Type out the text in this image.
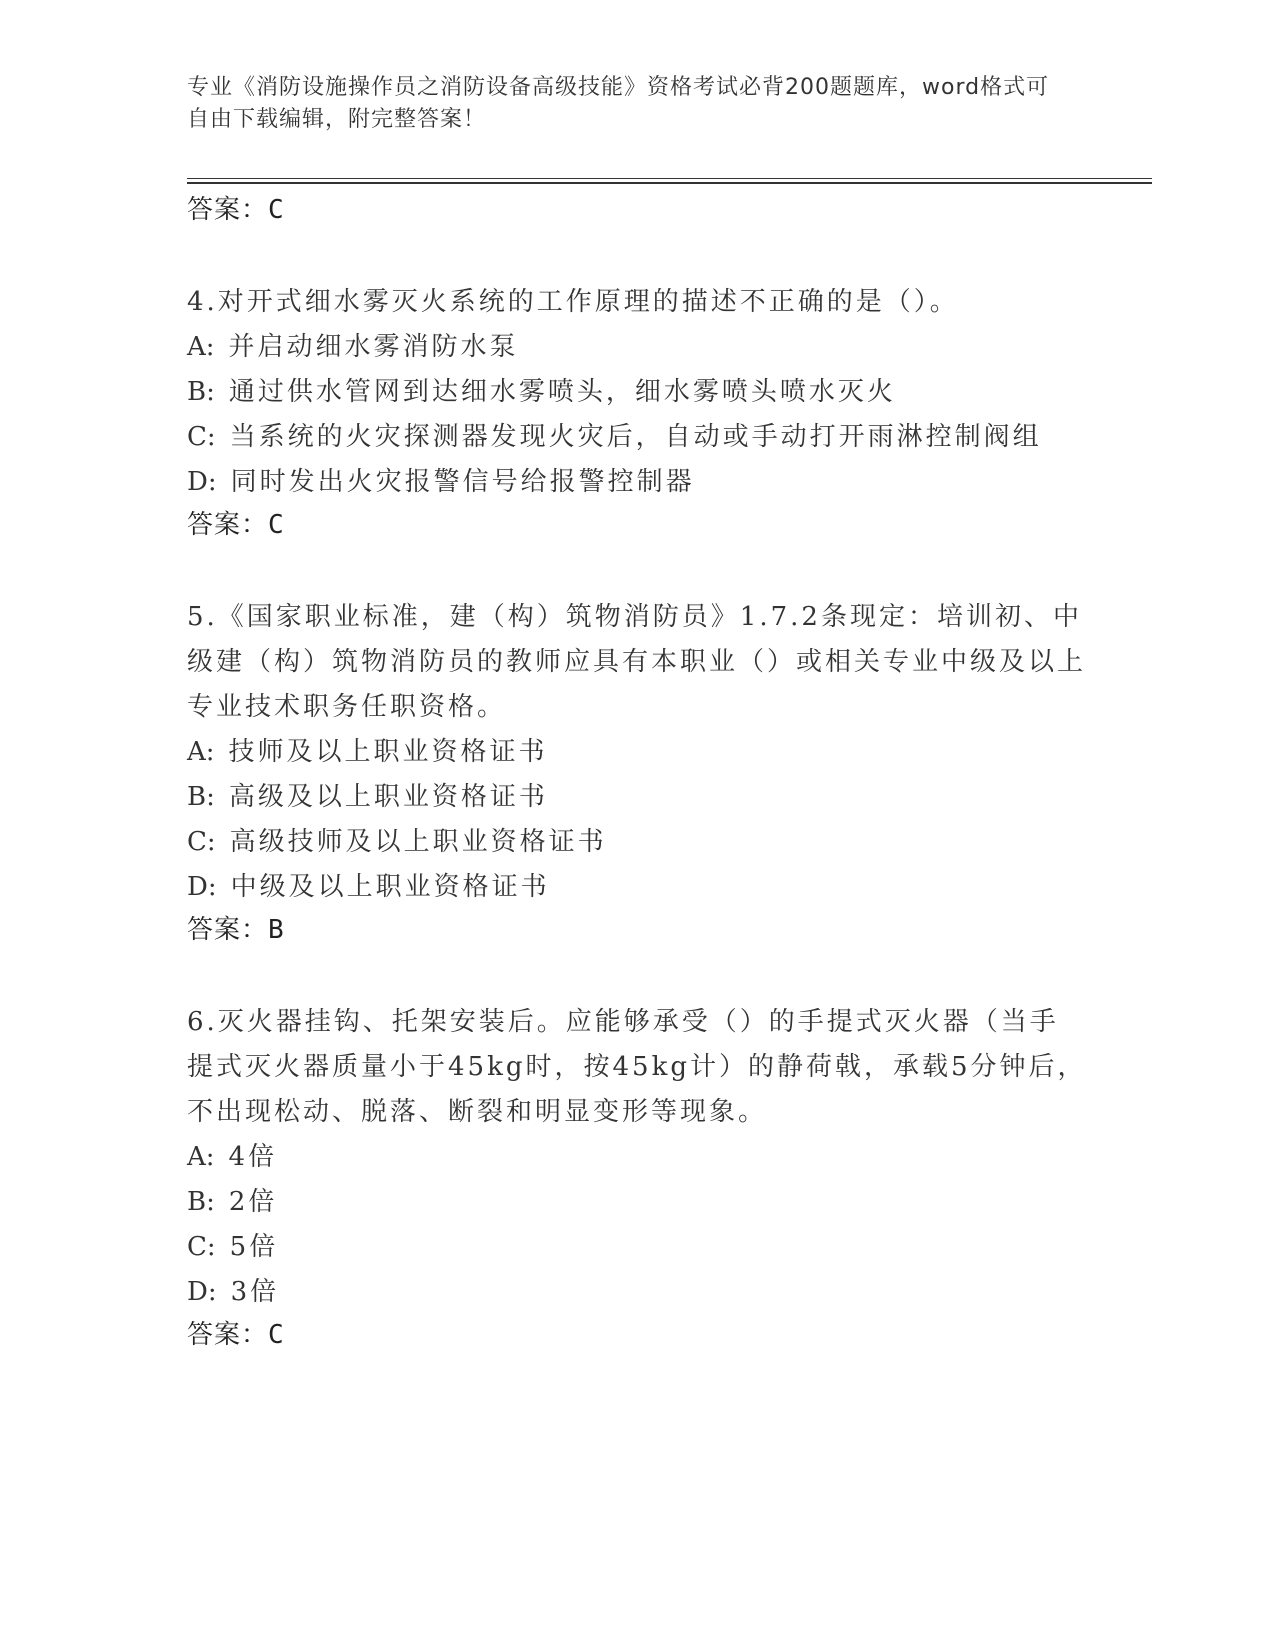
专业《消防设施操作员之消防设备高级技能》资格考试必背200题题库，word格式可自由下载编辑，附完整答案！
答案：C

4.对开式细水雾灭火系统的工作原理的描述不正确的是（）。

A: 并启动细水雾消防水泵
B: 通过供水管网到达细水雾喷头，细水雾喷头喷水灭火
C: 当系统的火灾探测器发现火灾后，自动或手动打开雨淋控制阀组
D: 同时发出火灾报警信号给报警控制器
答案：C

5.《国家职业标准，建（构）筑物消防员》1.7.2条现定：培训初、中级建（构）筑物消防员的教师应具有本职业（）或相关专业中级及以上专业技术职务任职资格。

A: 技师及以上职业资格证书
B: 高级及以上职业资格证书
C: 高级技师及以上职业资格证书
D: 中级及以上职业资格证书
答案：B

6.灭火器挂钩、托架安装后。应能够承受（）的手提式灭火器（当手提式灭火器质量小于45kg时，按45kg计）的静荷戟，承载5分钟后，不出现松动、脱落、断裂和明显变形等现象。

A: 4倍
B: 2倍
C: 5倍
D: 3倍
答案：C
